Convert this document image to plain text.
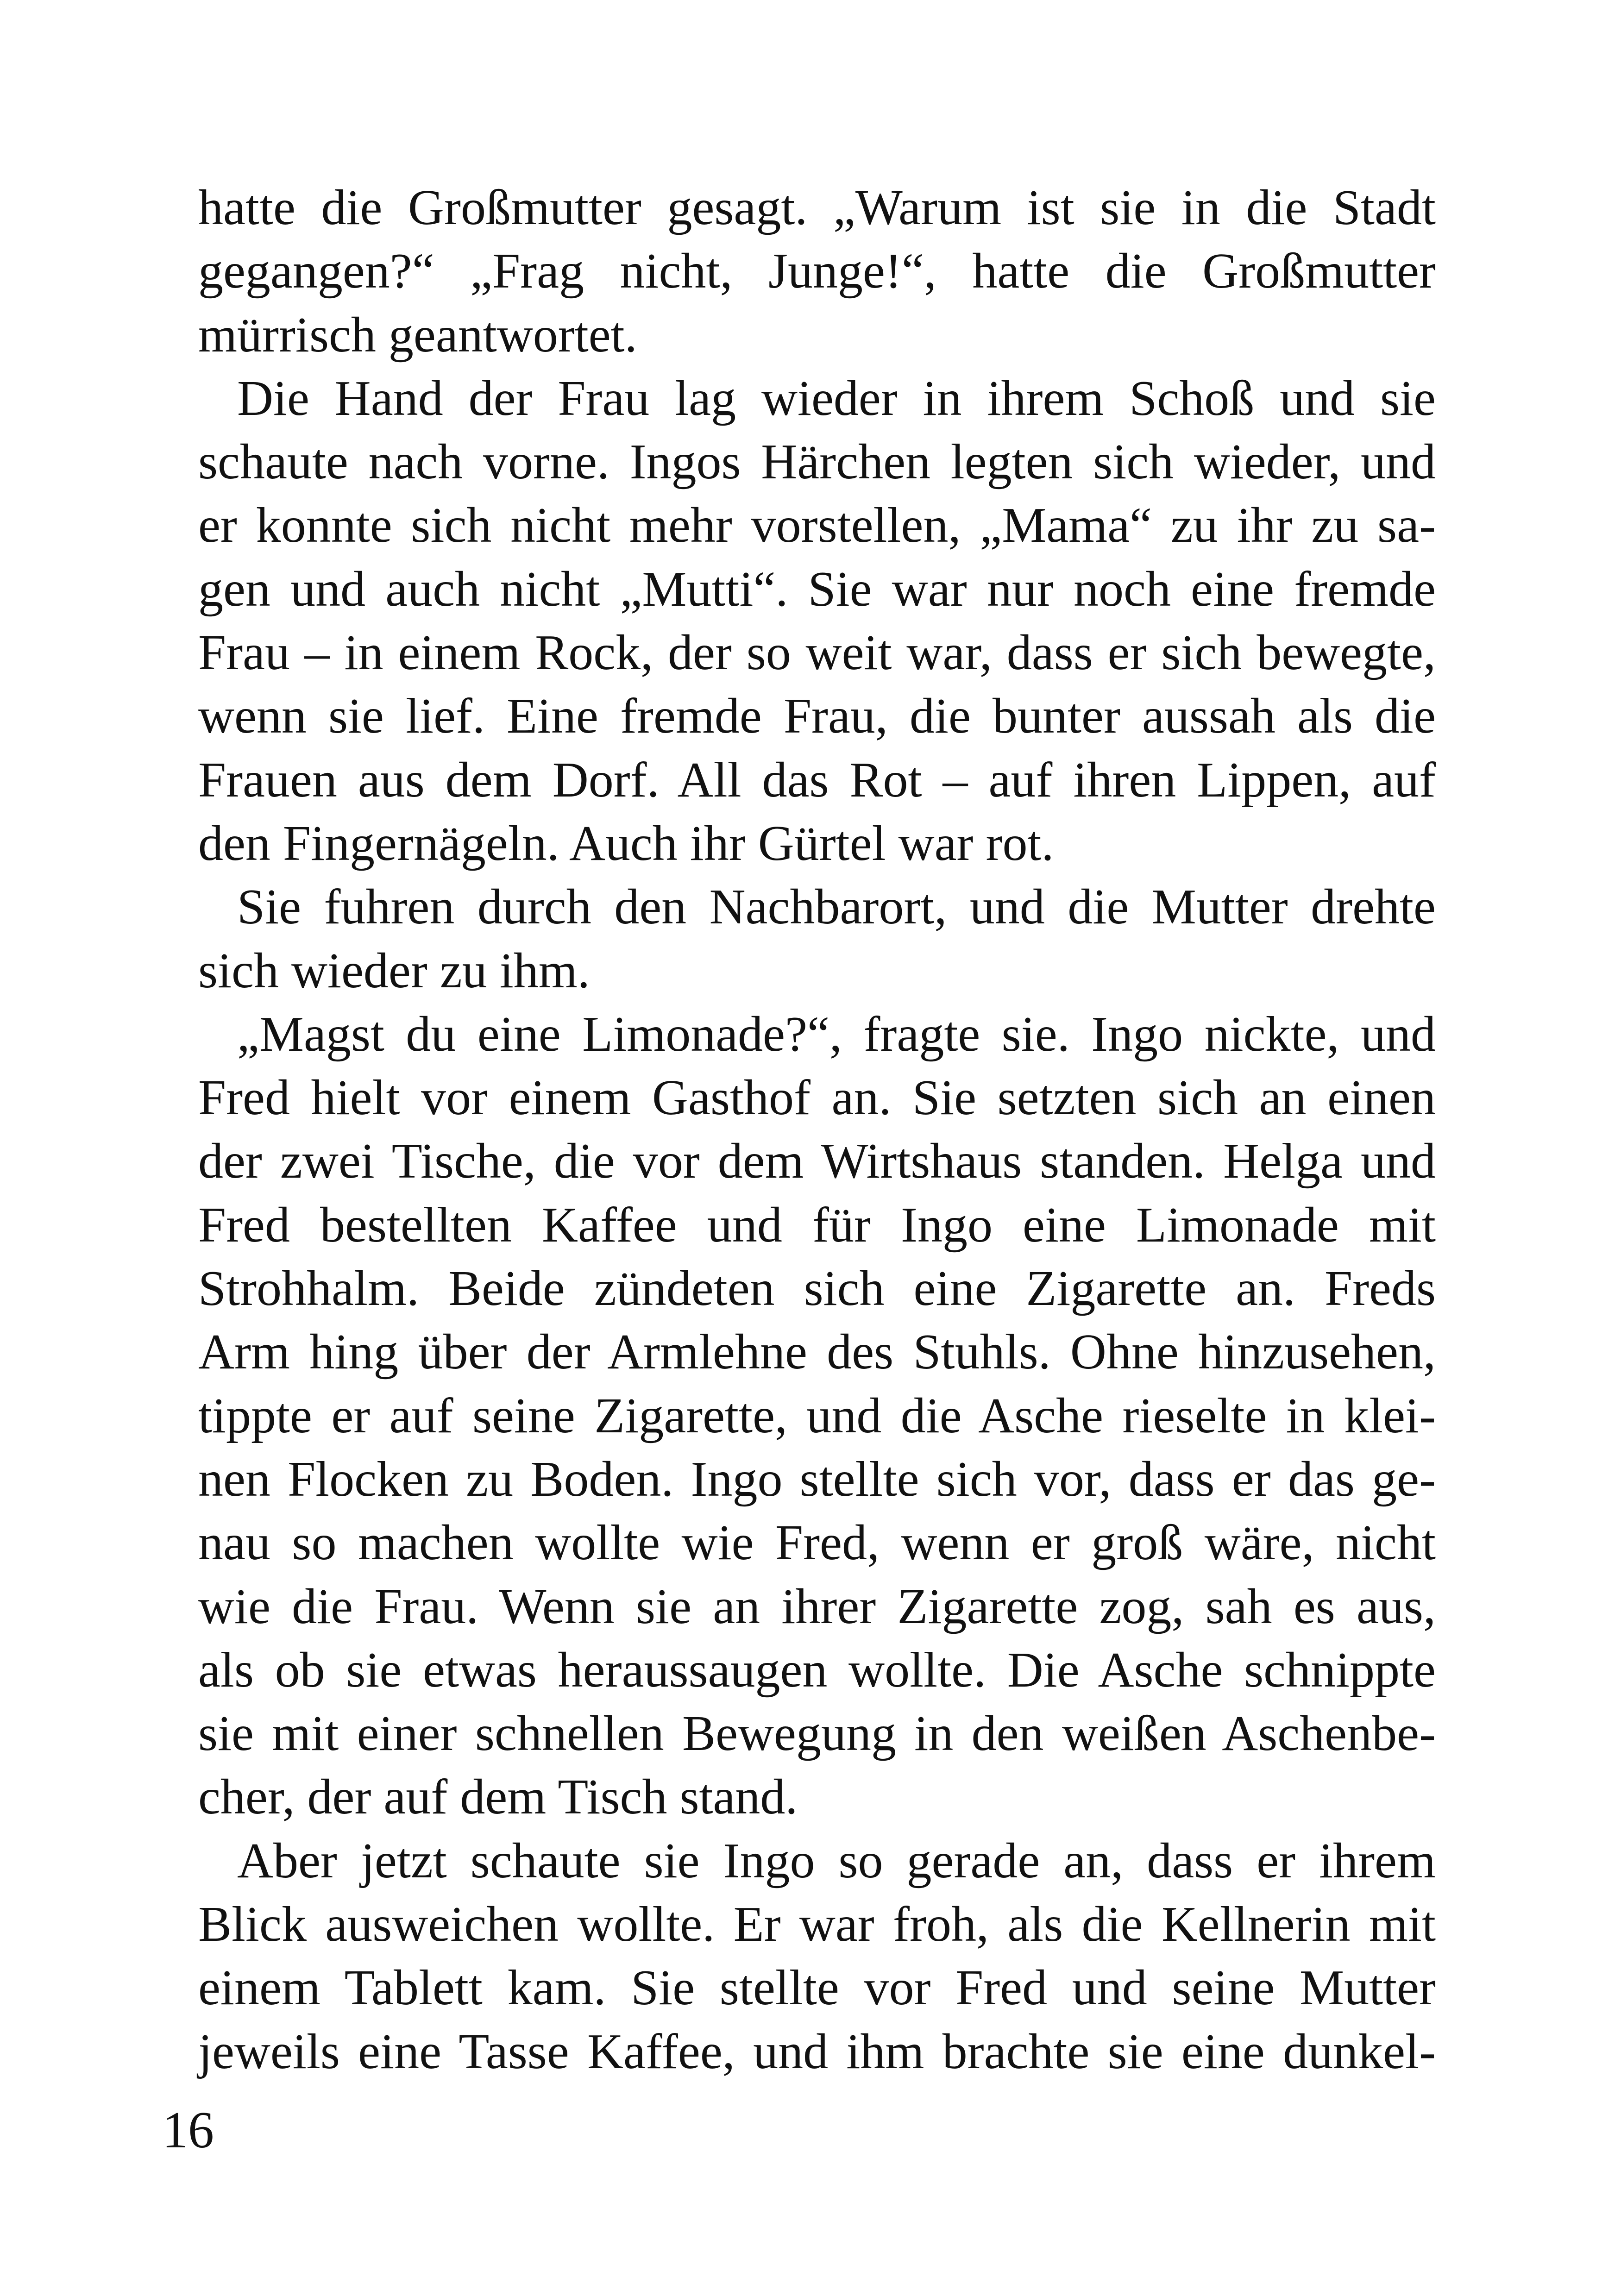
hatte die Großmutter gesagt. „Warum ist sie in die Stadt
gegangen?“ „Frag nicht, Junge!“, hatte die Großmutter
mürrisch geantwortet.
Die Hand der Frau lag wieder in ihrem Schoß und sie
schaute nach vorne. Ingos Härchen legten sich wieder, und
er konnte sich nicht mehr vorstellen, „Mama“ zu ihr zu sa-
gen und auch nicht „Mutti“. Sie war nur noch eine fremde
Frau – in einem Rock, der so weit war, dass er sich bewegte,
wenn sie lief. Eine fremde Frau, die bunter aussah als die
Frauen aus dem Dorf. All das Rot – auf ihren Lippen, auf
den Fingernägeln. Auch ihr Gürtel war rot.
Sie fuhren durch den Nachbarort, und die Mutter drehte
sich wieder zu ihm.
„Magst du eine Limonade?“, fragte sie. Ingo nickte, und
Fred hielt vor einem Gasthof an. Sie setzten sich an einen
der zwei Tische, die vor dem Wirtshaus standen. Helga und
Fred bestellten Kaffee und für Ingo eine Limonade mit
Strohhalm. Beide zündeten sich eine Zigarette an. Freds
Arm hing über der Armlehne des Stuhls. Ohne hinzusehen,
tippte er auf seine Zigarette, und die Asche rieselte in klei-
nen Flocken zu Boden. Ingo stellte sich vor, dass er das ge-
nau so machen wollte wie Fred, wenn er groß wäre, nicht
wie die Frau. Wenn sie an ihrer Zigarette zog, sah es aus,
als ob sie etwas heraussaugen wollte. Die Asche schnippte
sie mit einer schnellen Bewegung in den weißen Aschenbe-
cher, der auf dem Tisch stand.
Aber jetzt schaute sie Ingo so gerade an, dass er ihrem
Blick ausweichen wollte. Er war froh, als die Kellnerin mit
einem Tablett kam. Sie stellte vor Fred und seine Mutter
jeweils eine Tasse Kaffee, und ihm brachte sie eine dunkel-
16
